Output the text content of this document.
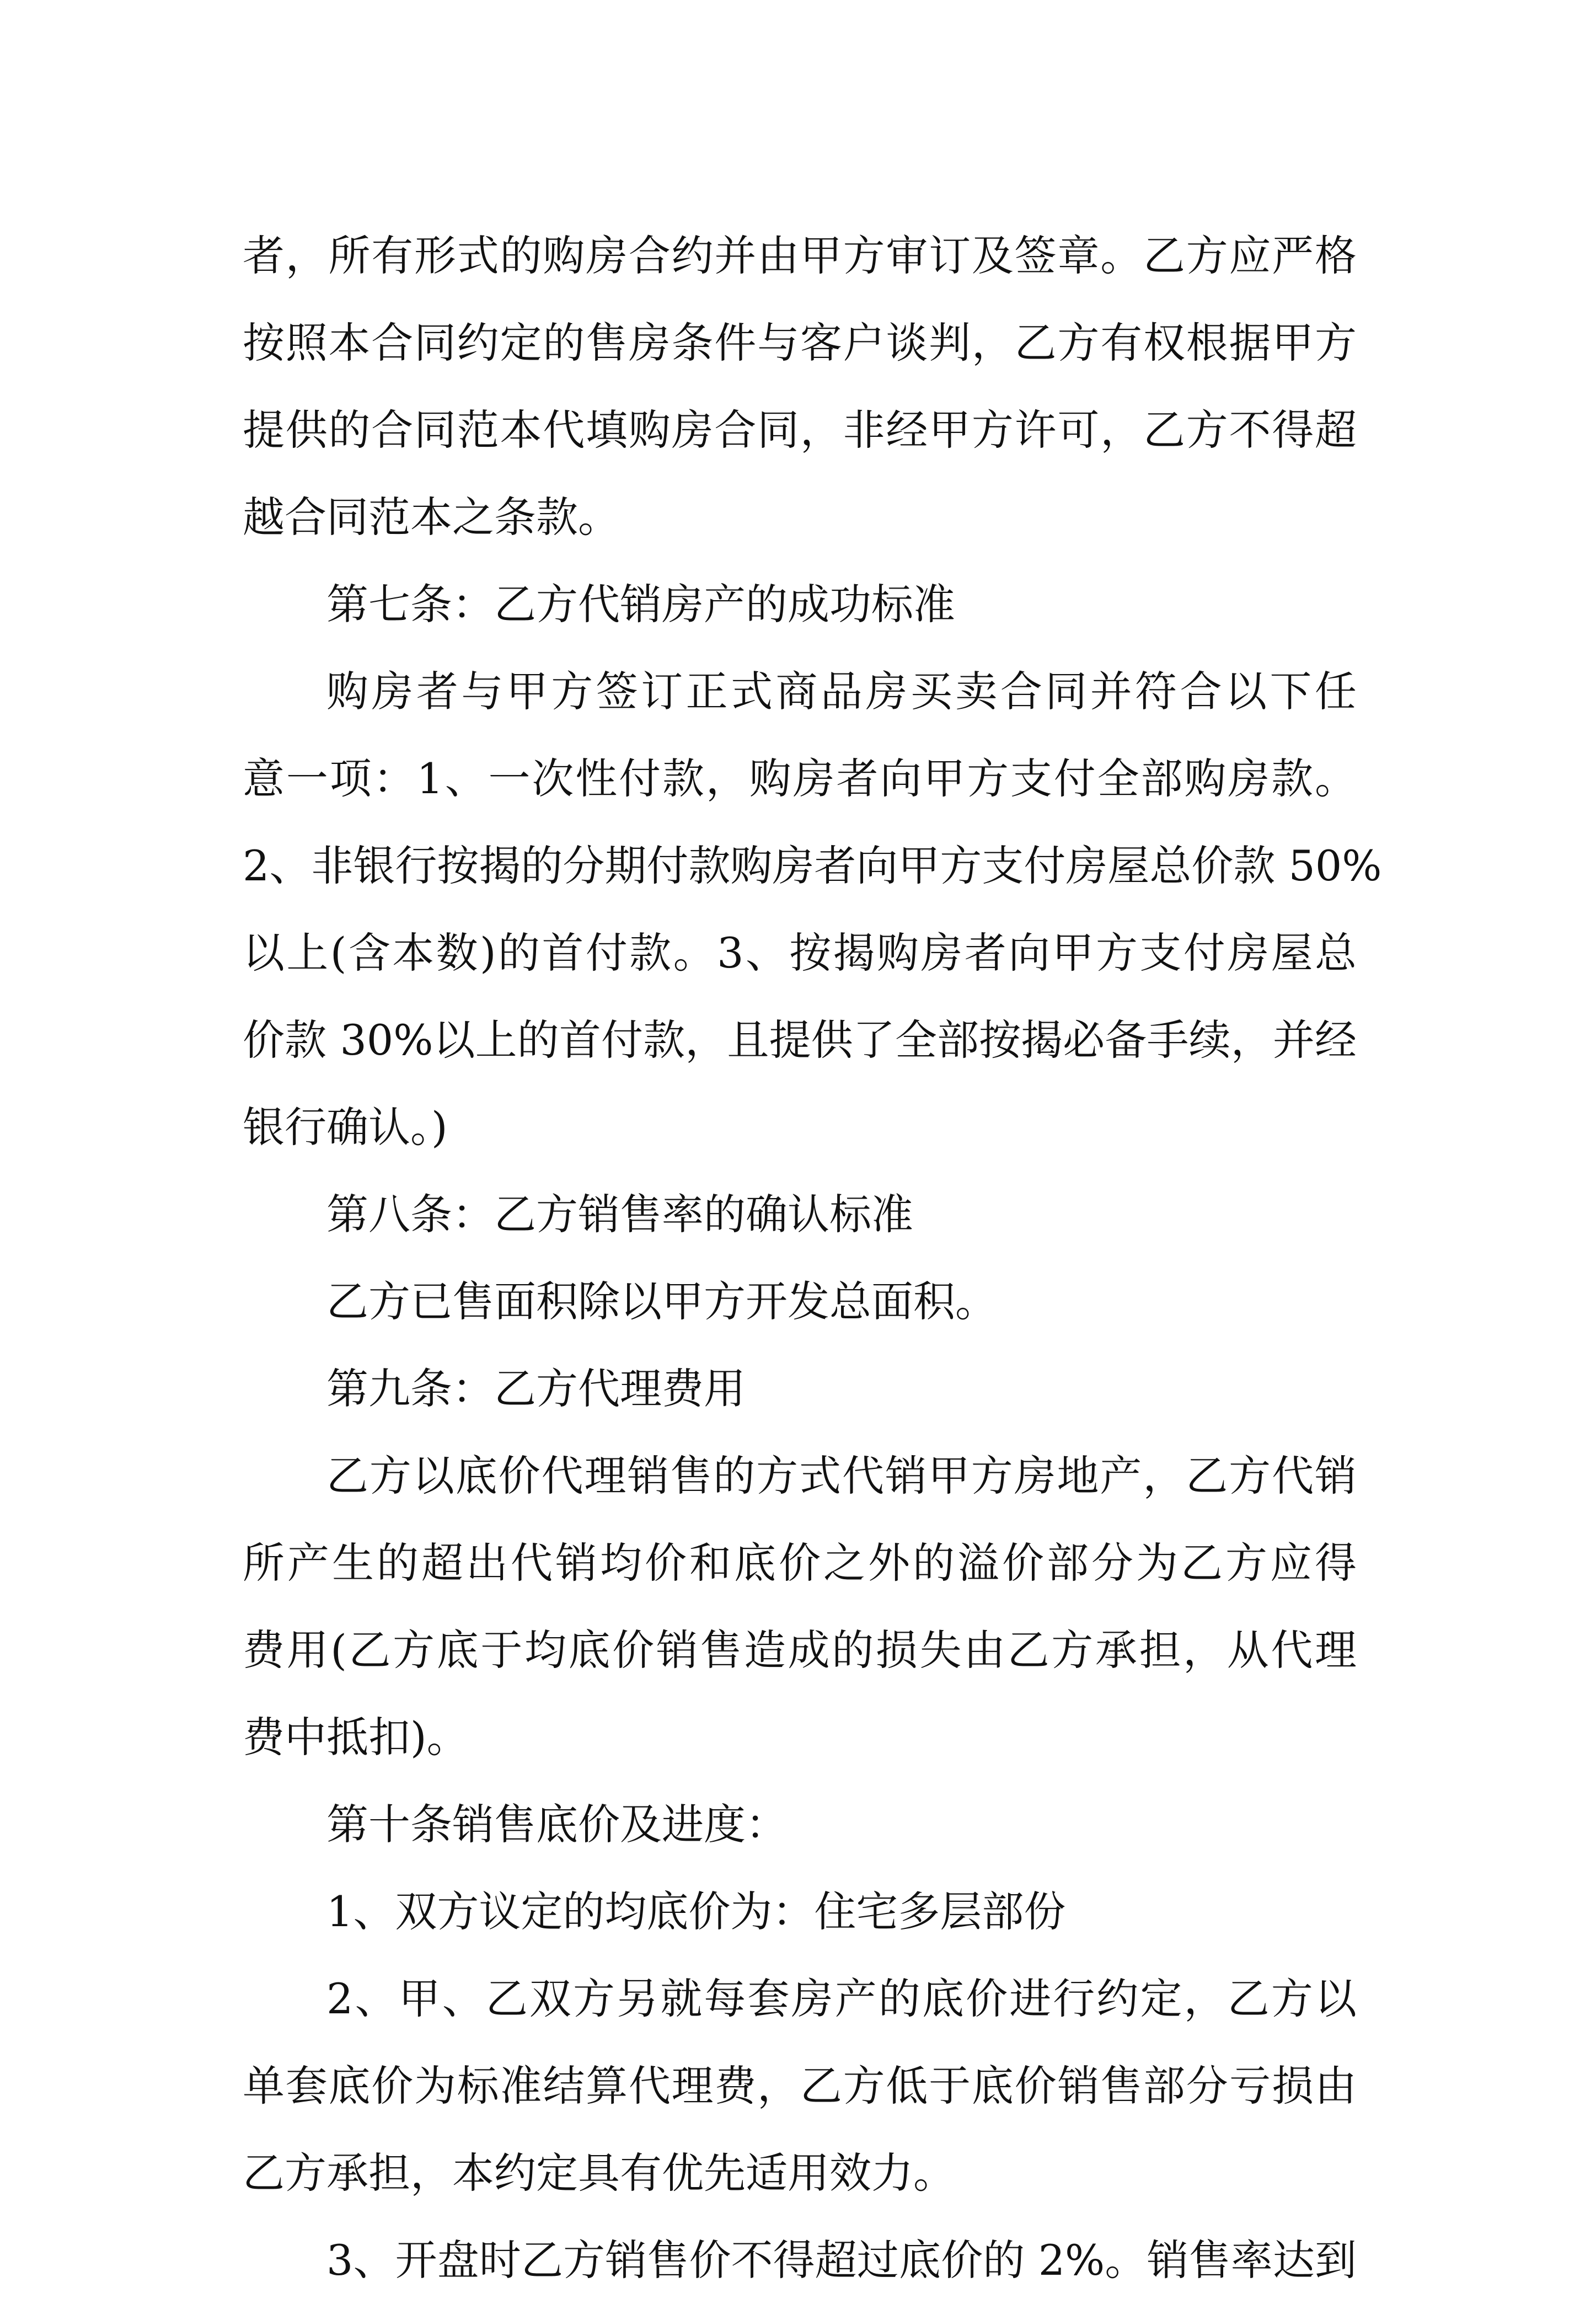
者，所有形式的购房合约并由甲方审订及签章。乙方应严格
按照本合同约定的售房条件与客户谈判，乙方有权根据甲方
提供的合同范本代填购房合同，非经甲方许可，乙方不得超
越合同范本之条款。
第七条：乙方代销房产的成功标准
购房者与甲方签订正式商品房买卖合同并符合以下任
意一项：1、一次性付款，购房者向甲方支付全部购房款。
2、非银行按揭的分期付款购房者向甲方支付房屋总价款 50%
以上(含本数)的首付款。3、按揭购房者向甲方支付房屋总
价款 30%以上的首付款，且提供了全部按揭必备手续，并经
银行确认。)
第八条：乙方销售率的确认标准
乙方已售面积除以甲方开发总面积。
第九条：乙方代理费用
乙方以底价代理销售的方式代销甲方房地产，乙方代销
所产生的超出代销均价和底价之外的溢价部分为乙方应得
费用(乙方底于均底价销售造成的损失由乙方承担，从代理
费中抵扣)。
第十条销售底价及进度：
1、双方议定的均底价为：住宅多层部份
2、甲、乙双方另就每套房产的底价进行约定，乙方以
单套底价为标准结算代理费，乙方低于底价销售部分亏损由
乙方承担，本约定具有优先适用效力。
3、开盘时乙方销售价不得超过底价的 2%。销售率达到
